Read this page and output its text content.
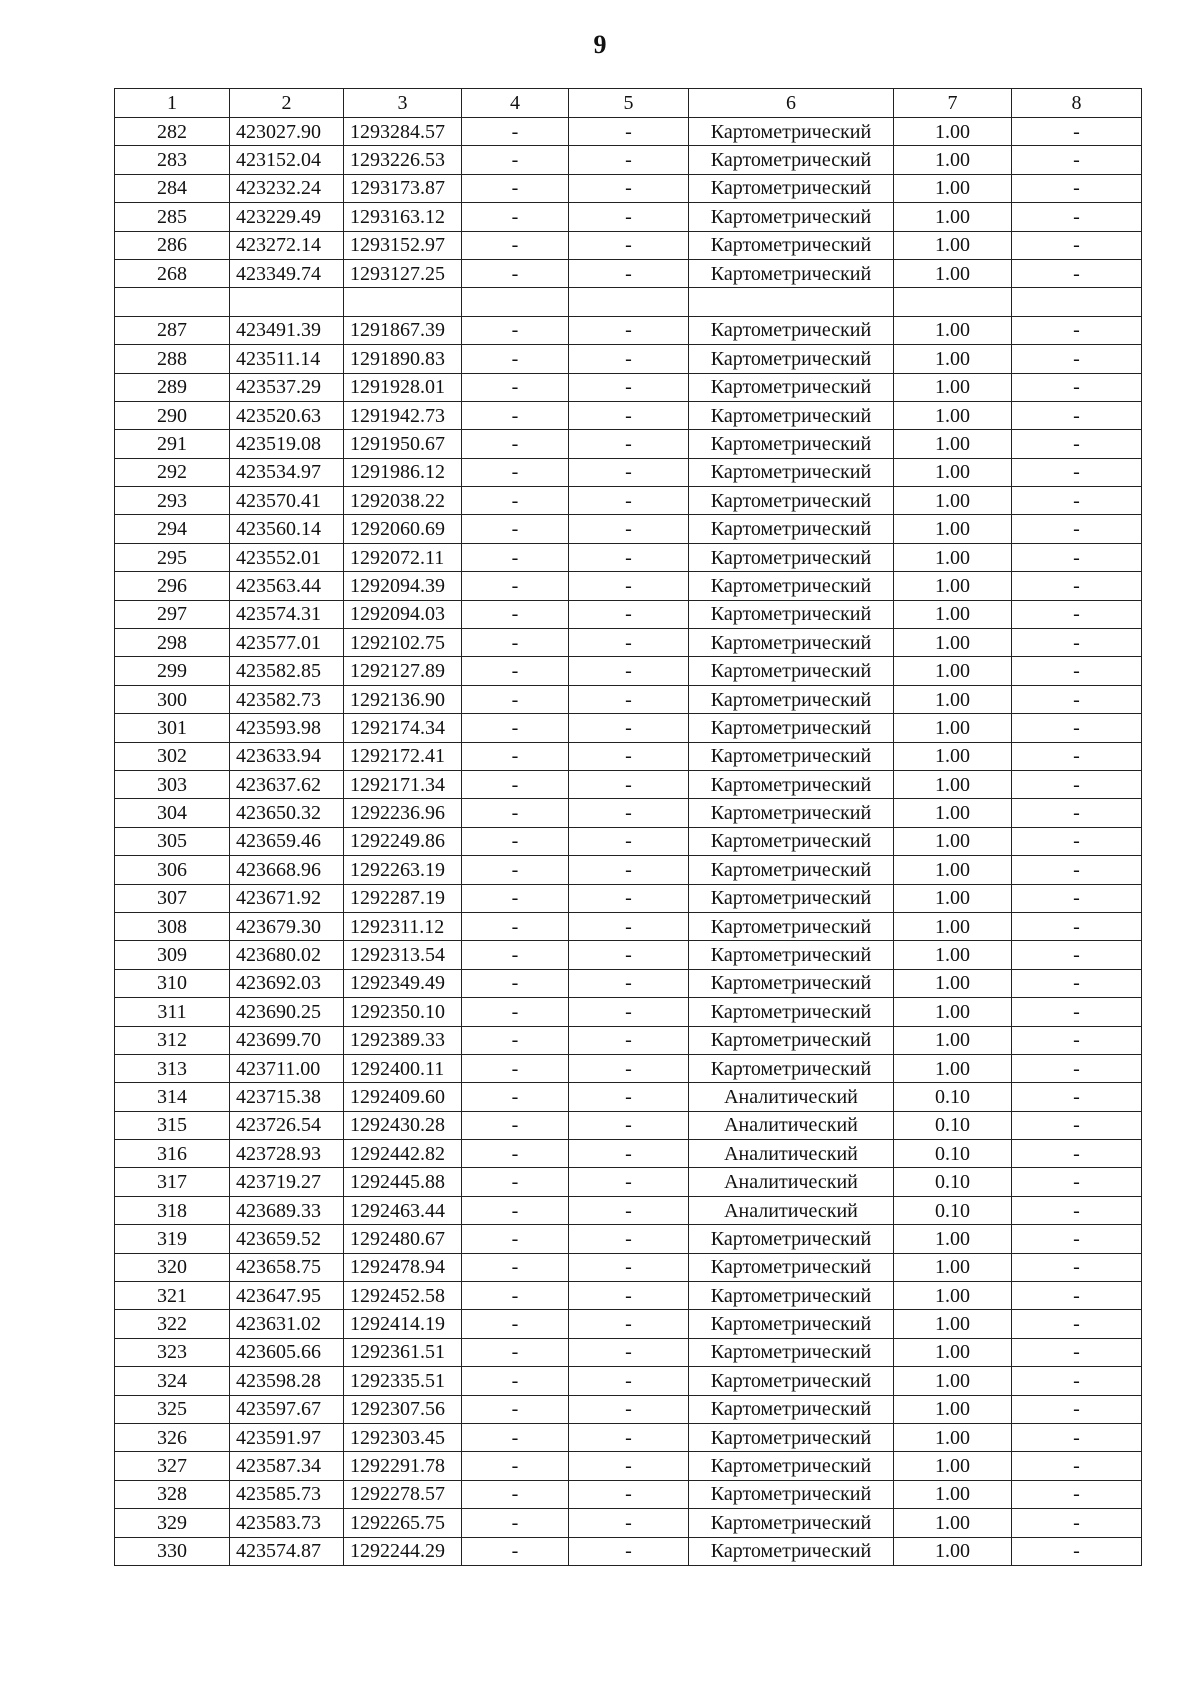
9
1	2	3	4	5	6	7	8
282	423027.90	1293284.57	-	-	Картометрический	1.00	-
283	423152.04	1293226.53	-	-	Картометрический	1.00	-
284	423232.24	1293173.87	-	-	Картометрический	1.00	-
285	423229.49	1293163.12	-	-	Картометрический	1.00	-
286	423272.14	1293152.97	-	-	Картометрический	1.00	-
268	423349.74	1293127.25	-	-	Картометрический	1.00	-

287	423491.39	1291867.39	-	-	Картометрический	1.00	-
288	423511.14	1291890.83	-	-	Картометрический	1.00	-
289	423537.29	1291928.01	-	-	Картометрический	1.00	-
290	423520.63	1291942.73	-	-	Картометрический	1.00	-
291	423519.08	1291950.67	-	-	Картометрический	1.00	-
292	423534.97	1291986.12	-	-	Картометрический	1.00	-
293	423570.41	1292038.22	-	-	Картометрический	1.00	-
294	423560.14	1292060.69	-	-	Картометрический	1.00	-
295	423552.01	1292072.11	-	-	Картометрический	1.00	-
296	423563.44	1292094.39	-	-	Картометрический	1.00	-
297	423574.31	1292094.03	-	-	Картометрический	1.00	-
298	423577.01	1292102.75	-	-	Картометрический	1.00	-
299	423582.85	1292127.89	-	-	Картометрический	1.00	-
300	423582.73	1292136.90	-	-	Картометрический	1.00	-
301	423593.98	1292174.34	-	-	Картометрический	1.00	-
302	423633.94	1292172.41	-	-	Картометрический	1.00	-
303	423637.62	1292171.34	-	-	Картометрический	1.00	-
304	423650.32	1292236.96	-	-	Картометрический	1.00	-
305	423659.46	1292249.86	-	-	Картометрический	1.00	-
306	423668.96	1292263.19	-	-	Картометрический	1.00	-
307	423671.92	1292287.19	-	-	Картометрический	1.00	-
308	423679.30	1292311.12	-	-	Картометрический	1.00	-
309	423680.02	1292313.54	-	-	Картометрический	1.00	-
310	423692.03	1292349.49	-	-	Картометрический	1.00	-
311	423690.25	1292350.10	-	-	Картометрический	1.00	-
312	423699.70	1292389.33	-	-	Картометрический	1.00	-
313	423711.00	1292400.11	-	-	Картометрический	1.00	-
314	423715.38	1292409.60	-	-	Аналитический	0.10	-
315	423726.54	1292430.28	-	-	Аналитический	0.10	-
316	423728.93	1292442.82	-	-	Аналитический	0.10	-
317	423719.27	1292445.88	-	-	Аналитический	0.10	-
318	423689.33	1292463.44	-	-	Аналитический	0.10	-
319	423659.52	1292480.67	-	-	Картометрический	1.00	-
320	423658.75	1292478.94	-	-	Картометрический	1.00	-
321	423647.95	1292452.58	-	-	Картометрический	1.00	-
322	423631.02	1292414.19	-	-	Картометрический	1.00	-
323	423605.66	1292361.51	-	-	Картометрический	1.00	-
324	423598.28	1292335.51	-	-	Картометрический	1.00	-
325	423597.67	1292307.56	-	-	Картометрический	1.00	-
326	423591.97	1292303.45	-	-	Картометрический	1.00	-
327	423587.34	1292291.78	-	-	Картометрический	1.00	-
328	423585.73	1292278.57	-	-	Картометрический	1.00	-
329	423583.73	1292265.75	-	-	Картометрический	1.00	-
330	423574.87	1292244.29	-	-	Картометрический	1.00	-
